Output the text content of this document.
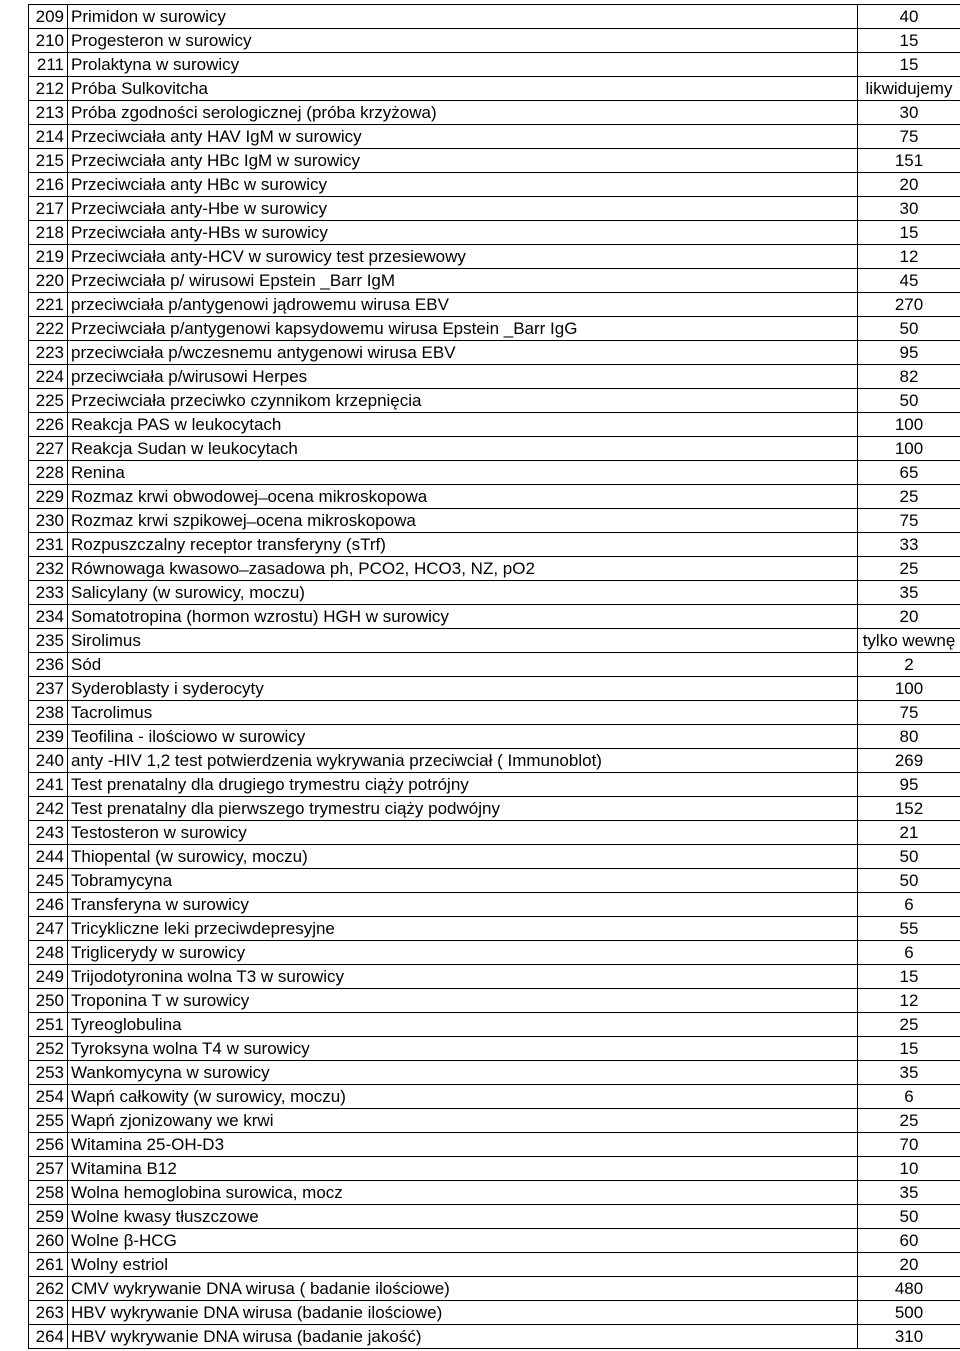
209	Primidon w surowicy	40
210	Progesteron w surowicy	15
211	Prolaktyna w surowicy	15
212	Próba Sulkovitcha	likwidujemy
213	Próba zgodności serologicznej (próba krzyżowa)	30
214	Przeciwciała anty HAV IgM w surowicy	75
215	Przeciwciała anty HBc IgM w surowicy	151
216	Przeciwciała anty HBc w surowicy	20
217	Przeciwciała anty-Hbe w surowicy	30
218	Przeciwciała anty-HBs w surowicy	15
219	Przeciwciała anty-HCV w surowicy test przesiewowy	12
220	Przeciwciała p/ wirusowi Epstein _Barr IgM	45
221	przeciwciała p/antygenowi jądrowemu wirusa EBV	270
222	Przeciwciała p/antygenowi kapsydowemu wirusa Epstein _Barr IgG	50
223	przeciwciała p/wczesnemu antygenowi wirusa EBV	95
224	przeciwciała p/wirusowi Herpes	82
225	Przeciwciała przeciwko czynnikom krzepnięcia	50
226	Reakcja PAS w leukocytach	100
227	Reakcja Sudan w leukocytach	100
228	Renina	65
229	Rozmaz krwi obwodowej ̶ ocena mikroskopowa	25
230	Rozmaz krwi szpikowej ̶ ocena mikroskopowa	75
231	Rozpuszczalny receptor transferyny (sTrf)	33
232	Równowaga kwasowo ̶ zasadowa ph, PCO2, HCO3, NZ, pO2	25
233	Salicylany (w surowicy, moczu)	35
234	Somatotropina (hormon wzrostu) HGH w surowicy	20
235	Sirolimus	tylko wewnę
236	Sód	2
237	Syderoblasty i syderocyty	100
238	Tacrolimus	75
239	Teofilina - ilościowo w surowicy	80
240	anty -HIV 1,2 test potwierdzenia wykrywania przeciwciał ( Immunoblot)	269
241	Test prenatalny dla drugiego trymestru ciąży potrójny	95
242	Test prenatalny dla pierwszego trymestru ciąży podwójny	152
243	Testosteron w surowicy	21
244	Thiopental (w surowicy, moczu)	50
245	Tobramycyna	50
246	Transferyna w surowicy	6
247	Tricykliczne leki przeciwdepresyjne	55
248	Triglicerydy w surowicy	6
249	Trijodotyronina wolna T3 w surowicy	15
250	Troponina T w surowicy	12
251	Tyreoglobulina	25
252	Tyroksyna wolna T4 w surowicy	15
253	Wankomycyna w surowicy	35
254	Wapń całkowity (w surowicy, moczu)	6
255	Wapń zjonizowany we krwi	25
256	Witamina 25-OH-D3	70
257	Witamina B12	10
258	Wolna hemoglobina surowica, mocz	35
259	Wolne kwasy tłuszczowe	50
260	Wolne β-HCG	60
261	Wolny estriol	20
262	CMV wykrywanie DNA wirusa ( badanie ilościowe)	480
263	HBV wykrywanie DNA wirusa (badanie ilościowe)	500
264	HBV wykrywanie DNA wirusa (badanie jakość)	310
